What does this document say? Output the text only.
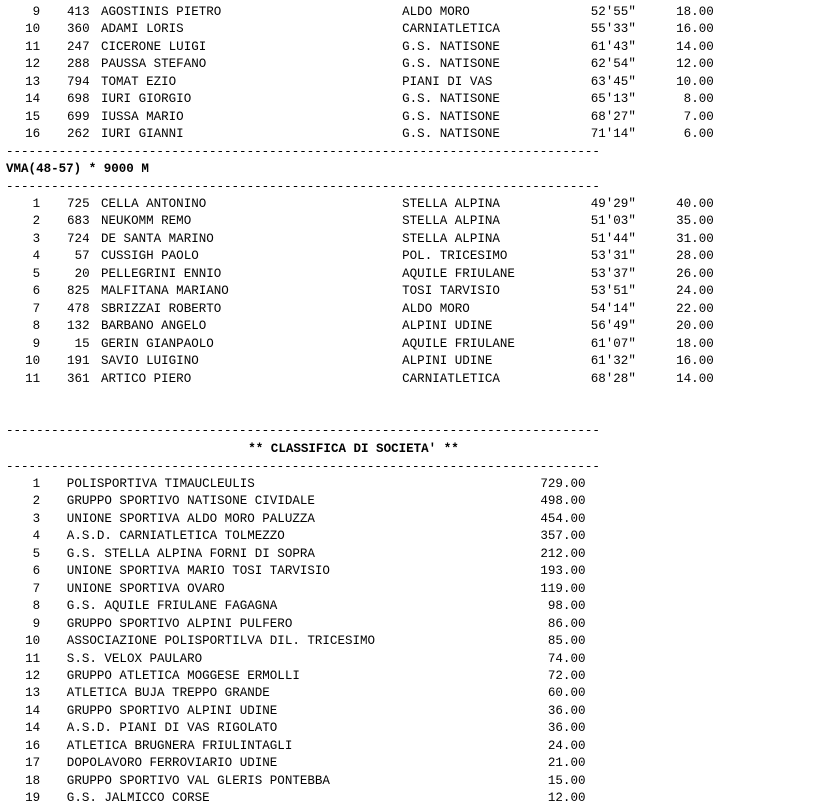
9	413 AGOSTINIS PIETRO	ALDO MORO	52'55"	18.00
10	360 ADAMI LORIS	CARNIATLETICA	55'33"	16.00
11	247 CICERONE LUIGI	G.S. NATISONE	61'43"	14.00
12	288 PAUSSA STEFANO	G.S. NATISONE	62'54"	12.00
13	794 TOMAT EZIO	PIANI DI VAS	63'45"	10.00
14	698 IURI GIORGIO	G.S. NATISONE	65'13"	8.00
15	699 IUSSA MARIO	G.S. NATISONE	68'27"	7.00
16	262 IURI GIANNI	G.S. NATISONE	71'14"	6.00
-------------------------------------------------------------------------------
VMA(48-57) * 9000 M
-------------------------------------------------------------------------------
1	725 CELLA ANTONINO	STELLA ALPINA	49'29"	40.00
2	683 NEUKOMM REMO	STELLA ALPINA	51'03"	35.00
3	724 DE SANTA MARINO	STELLA ALPINA	51'44"	31.00
4	57 CUSSIGH PAOLO	POL. TRICESIMO	53'31"	28.00
5	20 PELLEGRINI ENNIO	AQUILE FRIULANE	53'37"	26.00
6	825 MALFITANA MARIANO	TOSI TARVISIO	53'51"	24.00
7	478 SBRIZZAI ROBERTO	ALDO MORO	54'14"	22.00
8	132 BARBANO ANGELO	ALPINI UDINE	56'49"	20.00
9	15 GERIN GIANPAOLO	AQUILE FRIULANE	61'07"	18.00
10	191 SAVIO LUIGINO	ALPINI UDINE	61'32"	16.00
11	361 ARTICO PIERO	CARNIATLETICA	68'28"	14.00
-------------------------------------------------------------------------------
** CLASSIFICA DI SOCIETA' **
-------------------------------------------------------------------------------
1 POLISPORTIVA TIMAUCLEULIS	729.00
2 GRUPPO SPORTIVO NATISONE CIVIDALE	498.00
3 UNIONE SPORTIVA ALDO MORO PALUZZA	454.00
4 A.S.D. CARNIATLETICA TOLMEZZO	357.00
5 G.S. STELLA ALPINA FORNI DI SOPRA	212.00
6 UNIONE SPORTIVA MARIO TOSI TARVISIO	193.00
7 UNIONE SPORTIVA OVARO	119.00
8 G.S. AQUILE FRIULANE FAGAGNA	98.00
9 GRUPPO SPORTIVO ALPINI PULFERO	86.00
10 ASSOCIAZIONE POLISPORTILVA DIL. TRICESIMO	85.00
11 S.S. VELOX PAULARO	74.00
12 GRUPPO ATLETICA MOGGESE ERMOLLI	72.00
13 ATLETICA BUJA TREPPO GRANDE	60.00
14 GRUPPO SPORTIVO ALPINI UDINE	36.00
14 A.S.D. PIANI DI VAS RIGOLATO	36.00
16 ATLETICA BRUGNERA FRIULINTAGLI	24.00
17 DOPOLAVORO FERROVIARIO UDINE	21.00
18 GRUPPO SPORTIVO VAL GLERIS PONTEBBA	15.00
19 G.S. JALMICCO CORSE	12.00
